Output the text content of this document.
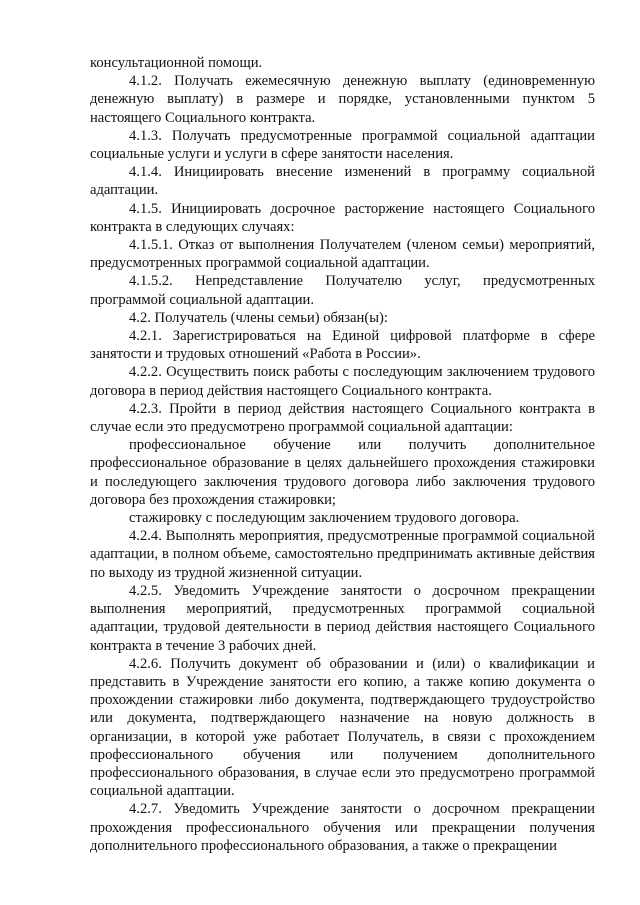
консультационной помощи.

4.1.2. Получать ежемесячную денежную выплату (единовременную денежную выплату) в размере и порядке, установленными пунктом 5 настоящего Социального контракта.

4.1.3. Получать предусмотренные программой социальной адаптации социальные услуги и услуги в сфере занятости населения.

4.1.4. Инициировать внесение изменений в программу социальной адаптации.

4.1.5. Инициировать досрочное расторжение настоящего Социального контракта в следующих случаях:

4.1.5.1. Отказ от выполнения Получателем (членом семьи) мероприятий, предусмотренных программой социальной адаптации.

4.1.5.2. Непредставление Получателю услуг, предусмотренных программой социальной адаптации.

4.2. Получатель (члены семьи) обязан(ы):

4.2.1. Зарегистрироваться на Единой цифровой платформе в сфере занятости и трудовых отношений «Работа в России».

4.2.2. Осуществить поиск работы с последующим заключением трудового договора в период действия настоящего Социального контракта.

4.2.3. Пройти в период действия настоящего Социального контракта в случае если это предусмотрено программой социальной адаптации:

профессиональное обучение или получить дополнительное профессиональное образование в целях дальнейшего прохождения стажировки и последующего заключения трудового договора либо заключения трудового договора без прохождения стажировки;

стажировку с последующим заключением трудового договора.

4.2.4. Выполнять мероприятия, предусмотренные программой социальной адаптации, в полном объеме, самостоятельно предпринимать активные действия по выходу из трудной жизненной ситуации.

4.2.5. Уведомить Учреждение занятости о досрочном прекращении выполнения мероприятий, предусмотренных программой социальной адаптации, трудовой деятельности в период действия настоящего Социального контракта в течение 3 рабочих дней.

4.2.6. Получить документ об образовании и (или) о квалификации и представить в Учреждение занятости его копию, а также копию документа о прохождении стажировки либо документа, подтверждающего трудоустройство или документа, подтверждающего назначение на новую должность в организации, в которой уже работает Получатель, в связи с прохождением профессионального обучения или получением дополнительного профессионального образования, в случае если это предусмотрено программой социальной адаптации.

4.2.7. Уведомить Учреждение занятости о досрочном прекращении прохождения профессионального обучения или прекращении получения дополнительного профессионального образования, а также о прекращении
